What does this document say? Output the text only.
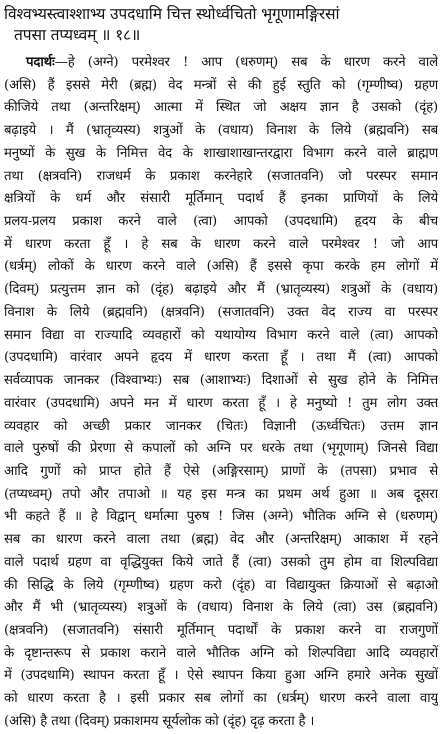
विश्वभ्यस्त्वाश्शाभ्य उपदधामि चित्त स्थोर्ध्वचितो भृगूणामङ्गिरसां
तपसा तप्यध्वम् ॥ १८॥
पदार्थः—हे (अग्ने) परमेश्वर ! आप (धरुणम्) सब के धारण करने वाले
(असि) हैं इससे मेरी (ब्रह्म) वेद मन्त्रों से की हुई स्तुति को (गृम्णीष्व) ग्रहण
कीजिये तथा (अन्तरिक्षम्) आत्मा में स्थित जो अक्षय ज्ञान है उसको (दृंह)
बढ़ाइये । मैं (भ्रातृव्यस्य) शत्रुओं के (वधाय) विनाश के लिये (ब्रह्मवनि) सब
मनुष्यों के सुख के निमित्त वेद के शाखाशाखान्तरद्वारा विभाग करने वाले ब्राह्मण
तथा (क्षत्रवनि) राजधर्म के प्रकाश करनेहारे (सजातवनि) जो परस्पर समान
क्षत्रियों के धर्म और संसारी मूर्तिमान् पदार्थ हैं इनका प्राणियों के लिये
प्रलय-प्रलय प्रकाश करने वाले (त्वा) आपको (उपदधामि) हृदय के बीच
में धारण करता हूँ । हे सब के धारण करने वाले परमेश्वर ! जो आप
(धर्त्रम्) लोकों के धारण करने वाले (असि) हैं इससे कृपा करके हम लोगों में
(दिवम्) प्रत्युत्तम ज्ञान को (दृंह) बढ़ाइये और मैं (भ्रातृव्यस्य) शत्रुओं के (वधाय)
विनाश के लिये (ब्रह्मवनि) (क्षत्रवनि) (सजातवनि) उक्त वेद राज्य वा परस्पर
समान विद्या वा राज्यादि व्यवहारों को यथायोग्य विभाग करने वाले (त्वा) आपको
(उपदधामि) वारंवार अपने हृदय में धारण करता हूँ । तथा मैं (त्वा) आपको
सर्वव्यापक जानकर (विश्वाभ्यः) सब (आशाभ्यः) दिशाओं से सुख होने के निमित्त
वारंवार (उपदधामि) अपने मन में धारण करता हूँ । हे मनुष्यो ! तुम लोग उक्त
व्यवहार को अच्छी प्रकार जानकर (चितः) विज्ञानी (ऊर्ध्वचितः) उत्तम ज्ञान
वाले पुरुषों की प्रेरणा से कपालों को अग्नि पर धरके तथा (भृगूणाम्) जिनसे विद्या
आदि गुणों को प्राप्त होते हैं ऐसे (अङ्गिरसाम्) प्राणों के (तपसा) प्रभाव से
(तप्यध्वम्) तपो और तपाओ ॥ यह इस मन्त्र का प्रथम अर्थ हुआ ॥ अब दूसरा
भी कहते हैं ॥ हे विद्वान् धर्मात्मा पुरुष ! जिस (अग्ने) भौतिक अग्नि से (धरुणम्)
सब का धारण करने वाला तथा (ब्रह्म) वेद और (अन्तरिक्षम्) आकाश में रहने
वाले पदार्थ ग्रहण वा वृद्धियुक्त किये जाते हैं (त्वा) उसको तुम होम वा शिल्पविद्या
की सिद्धि के लिये (गृम्णीष्व) ग्रहण करो (दृंह) वा विद्यायुक्त क्रियाओं से बढ़ाओ
और मैं भी (भ्रातृव्यस्य) शत्रुओं के (वधाय) विनाश के लिये (त्वा) उस (ब्रह्मवनि)
(क्षत्रवनि) (सजातवनि) संसारी मूर्तिमान् पदार्थों के प्रकाश करने वा राजगुणों
के दृष्टान्तरूप से प्रकाश कराने वाले भौतिक अग्नि को शिल्पविद्या आदि व्यवहारों
में (उपदधामि) स्थापन करता हूँ । ऐसे स्थापन किया हुआ अग्नि हमारे अनेक सुखों
को धारण करता है । इसी प्रकार सब लोगों का (धर्त्रम्) धारण करने वाला वायु
(असि) है तथा (दिवम्) प्रकाशमय सूर्यलोक को (दृंह) दृढ़ करता है ।
